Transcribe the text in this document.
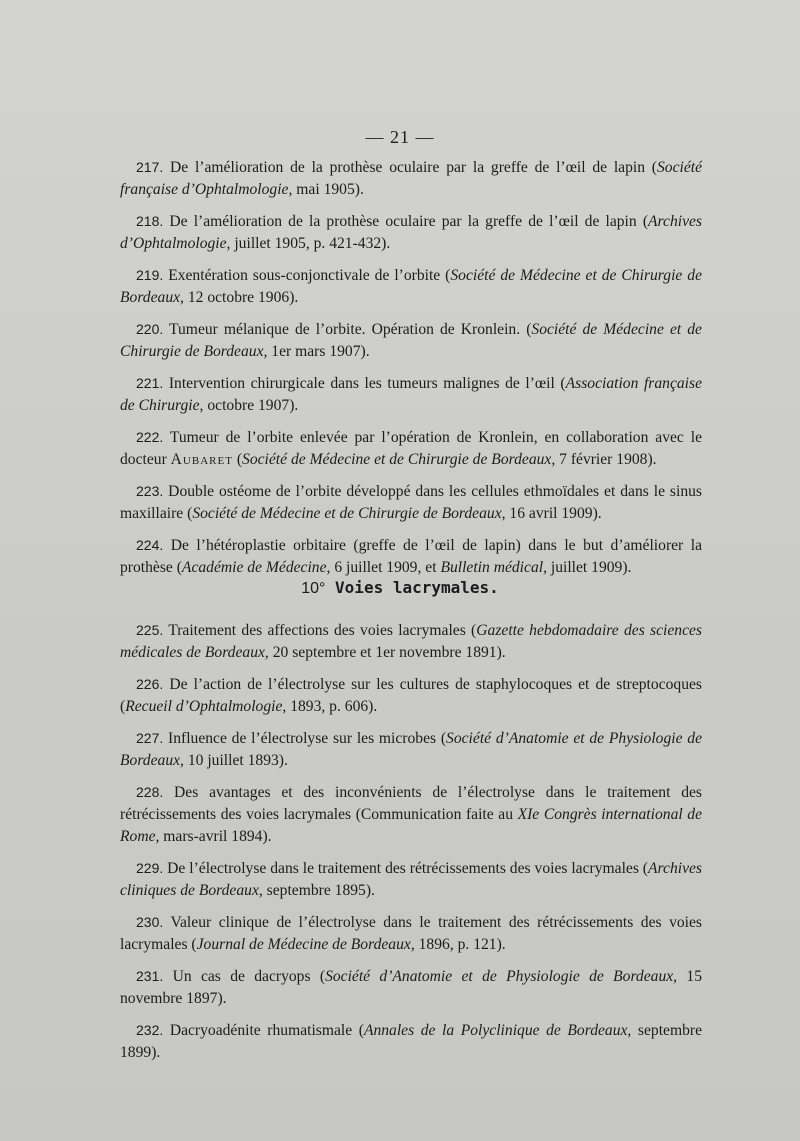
— 21 —

217. De l’amélioration de la prothèse oculaire par la greffe de l’œil de lapin (Société française d’Ophtalmologie, mai 1905).

218. De l’amélioration de la prothèse oculaire par la greffe de l’œil de lapin (Archives d’Ophtalmologie, juillet 1905, p. 421-432).

219. Exentération sous-conjonctivale de l’orbite (Société de Médecine et de Chirurgie de Bordeaux, 12 octobre 1906).

220. Tumeur mélanique de l’orbite. Opération de Kronlein. (Société de Médecine et de Chirurgie de Bordeaux, 1er mars 1907).

221. Intervention chirurgicale dans les tumeurs malignes de l’œil (Association française de Chirurgie, octobre 1907).

222. Tumeur de l’orbite enlevée par l’opération de Kronlein, en collaboration avec le docteur Aubaret (Société de Médecine et de Chirurgie de Bordeaux, 7 février 1908).

223. Double ostéome de l’orbite développé dans les cellules ethmoïdales et dans le sinus maxillaire (Société de Médecine et de Chirurgie de Bordeaux, 16 avril 1909).

224. De l’hétéroplastie orbitaire (greffe de l’œil de lapin) dans le but d’améliorer la prothèse (Académie de Médecine, 6 juillet 1909, et Bulletin médical, juillet 1909).

10° Voies lacrymales.

225. Traitement des affections des voies lacrymales (Gazette hebdomadaire des sciences médicales de Bordeaux, 20 septembre et 1er novembre 1891).

226. De l’action de l’électrolyse sur les cultures de staphylocoques et de streptocoques (Recueil d’Ophtalmologie, 1893, p. 606).

227. Influence de l’électrolyse sur les microbes (Société d’Anatomie et de Physiologie de Bordeaux, 10 juillet 1893).

228. Des avantages et des inconvénients de l’électrolyse dans le traitement des rétrécissements des voies lacrymales (Communication faite au XIe Congrès international de Rome, mars-avril 1894).

229. De l’électrolyse dans le traitement des rétrécissements des voies lacrymales (Archives cliniques de Bordeaux, septembre 1895).

230. Valeur clinique de l’électrolyse dans le traitement des rétrécissements des voies lacrymales (Journal de Médecine de Bordeaux, 1896, p. 121).

231. Un cas de dacryops (Société d’Anatomie et de Physiologie de Bordeaux, 15 novembre 1897).

232. Dacryoadénite rhumatismale (Annales de la Polyclinique de Bordeaux, septembre 1899).
